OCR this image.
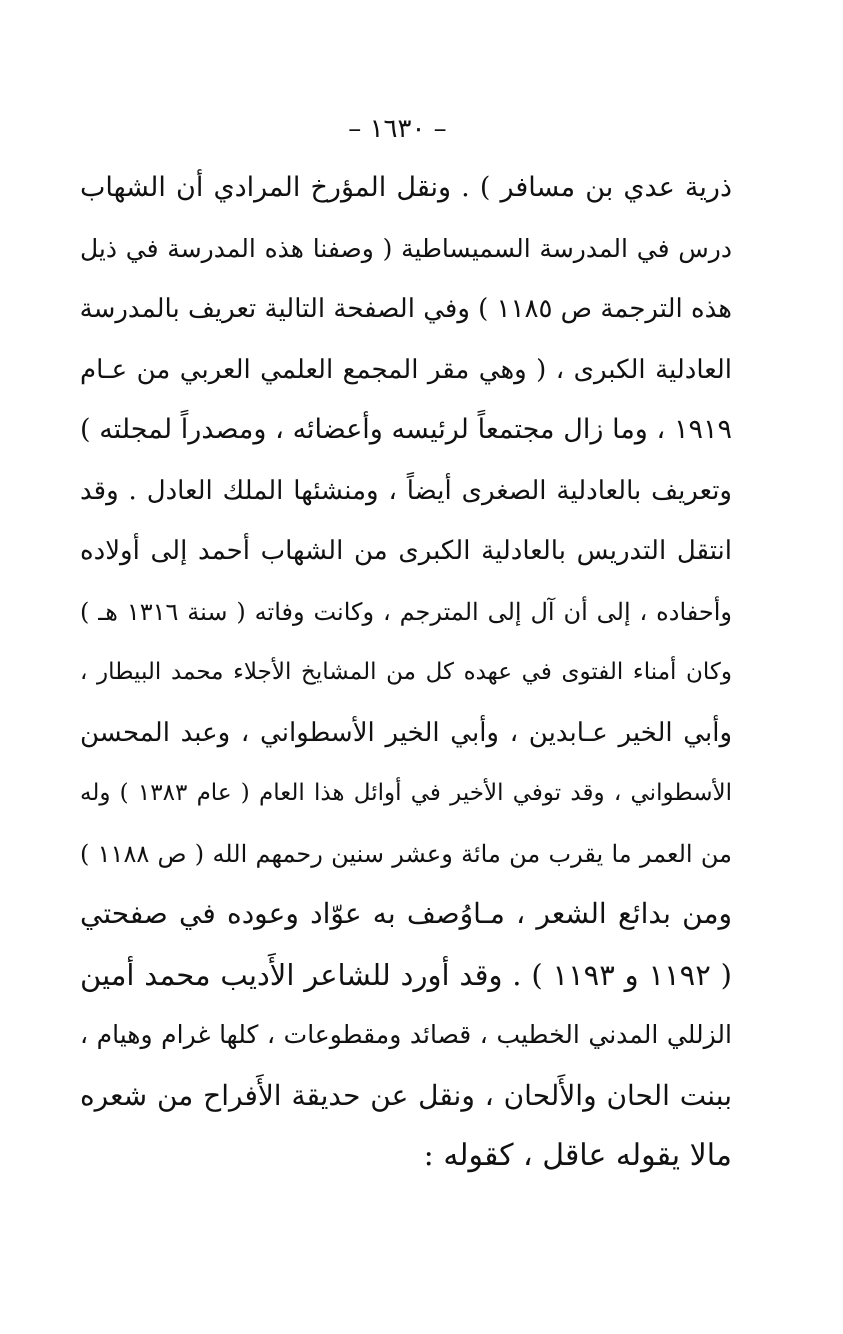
– ١٦٣٠ –
ذرية عدي بن مسافر ) . ونقل المؤرخ المرادي أن الشهاب
درس في المدرسة السميساطية ( وصفنا هذه المدرسة في ذيل
هذه الترجمة ص ١١٨٥ ) وفي الصفحة التالية تعريف بالمدرسة
العادلية الكبرى ، ( وهي مقر المجمع العلمي العربي من عـام
١٩١٩ ، وما زال مجتمعاً لرئيسه وأعضائه ، ومصدراً لمجلته )
وتعريف بالعادلية الصغرى أيضاً ، ومنشئها الملك العادل . وقد
انتقل التدريس بالعادلية الكبرى من الشهاب أحمد إلى أولاده
وأحفاده ، إلى أن آل إلى المترجم ، وكانت وفاته ( سنة ١٣١٦ هـ )
وكان أمناء الفتوى في عهده كل من المشايخ الأجلاء محمد البيطار ،
وأبي الخير عـابدين ، وأبي الخير الأسطواني ، وعبد المحسن
الأسطواني ، وقد توفي الأخير في أوائل هذا العام ( عام ١٣٨٣ ) وله
من العمر ما يقرب من مائة وعشر سنين رحمهم الله ( ص ١١٨٨ )
ومن بدائع الشعر ، مـاوُصف به عوّاد وعوده في صفحتي
( ١١٩٢ و ١١٩٣ ) . وقد أورد للشاعر الأَديب محمد أمين
الزللي المدني الخطيب ، قصائد ومقطوعات ، كلها غرام وهيام ،
ببنت الحان والأَلحان ، ونقل عن حديقة الأَفراح من شعره
مالا يقوله عاقل ، كقوله :
